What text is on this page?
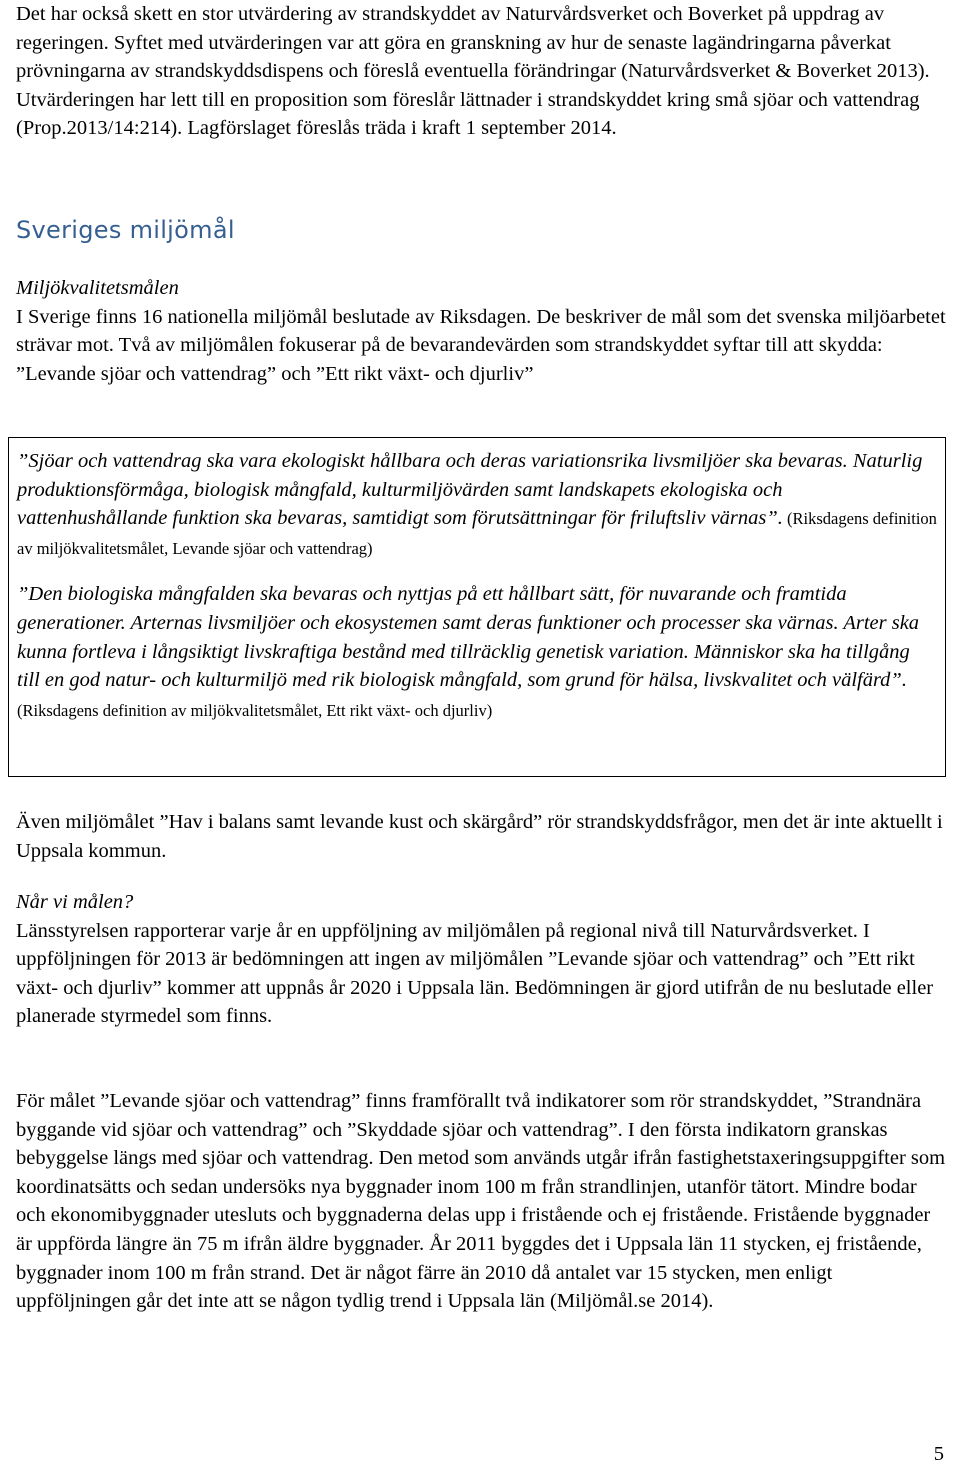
Det har också skett en stor utvärdering av strandskyddet av Naturvårdsverket och Boverket på uppdrag av regeringen. Syftet med utvärderingen var att göra en granskning av hur de senaste lagändringarna påverkat prövningarna av strandskyddsdispens och föreslå eventuella förändringar (Naturvårdsverket & Boverket 2013). Utvärderingen har lett till en proposition som föreslår lättnader i strandskyddet kring små sjöar och vattendrag (Prop.2013/14:214). Lagförslaget föreslås träda i kraft 1 september 2014.

Sveriges miljömål

Miljökvalitetsmålen

I Sverige finns 16 nationella miljömål beslutade av Riksdagen. De beskriver de mål som det svenska miljöarbetet strävar mot. Två av miljömålen fokuserar på de bevarandevärden som strandskyddet syftar till att skydda: ”Levande sjöar och vattendrag” och ”Ett rikt växt- och djurliv”

”Sjöar och vattendrag ska vara ekologiskt hållbara och deras variationsrika livsmiljöer ska bevaras. Naturlig produktionsförmåga, biologisk mångfald, kulturmiljövärden samt landskapets ekologiska och vattenhushållande funktion ska bevaras, samtidigt som förutsättningar för friluftsliv värnas”. (Riksdagens definition av miljökvalitetsmålet, Levande sjöar och vattendrag)

”Den biologiska mångfalden ska bevaras och nyttjas på ett hållbart sätt, för nuvarande och framtida generationer. Arternas livsmiljöer och ekosystemen samt deras funktioner och processer ska värnas. Arter ska kunna fortleva i långsiktigt livskraftiga bestånd med tillräcklig genetisk variation. Människor ska ha tillgång till en god natur- och kulturmiljö med rik biologisk mångfald, som grund för hälsa, livskvalitet och välfärd”. (Riksdagens definition av miljökvalitetsmålet, Ett rikt växt- och djurliv)

Även miljömålet ”Hav i balans samt levande kust och skärgård” rör strandskyddsfrågor, men det är inte aktuellt i Uppsala kommun.

Når vi målen?

Länsstyrelsen rapporterar varje år en uppföljning av miljömålen på regional nivå till Naturvårdsverket. I uppföljningen för 2013 är bedömningen att ingen av miljömålen ”Levande sjöar och vattendrag” och ”Ett rikt växt- och djurliv” kommer att uppnås år 2020 i Uppsala län. Bedömningen är gjord utifrån de nu beslutade eller planerade styrmedel som finns.

För målet ”Levande sjöar och vattendrag” finns framförallt två indikatorer som rör strandskyddet, ”Strandnära byggande vid sjöar och vattendrag” och ”Skyddade sjöar och vattendrag”. I den första indikatorn granskas bebyggelse längs med sjöar och vattendrag. Den metod som används utgår ifrån fastighetstaxeringsuppgifter som koordinatsätts och sedan undersöks nya byggnader inom 100 m från strandlinjen, utanför tätort. Mindre bodar och ekonomibyggnader utesluts och byggnaderna delas upp i fristående och ej fristående. Fristående byggnader är uppförda längre än 75 m ifrån äldre byggnader. År 2011 byggdes det i Uppsala län 11 stycken, ej fristående, byggnader inom 100 m från strand. Det är något färre än 2010 då antalet var 15 stycken, men enligt uppföljningen går det inte att se någon tydlig trend i Uppsala län (Miljömål.se 2014).

5
